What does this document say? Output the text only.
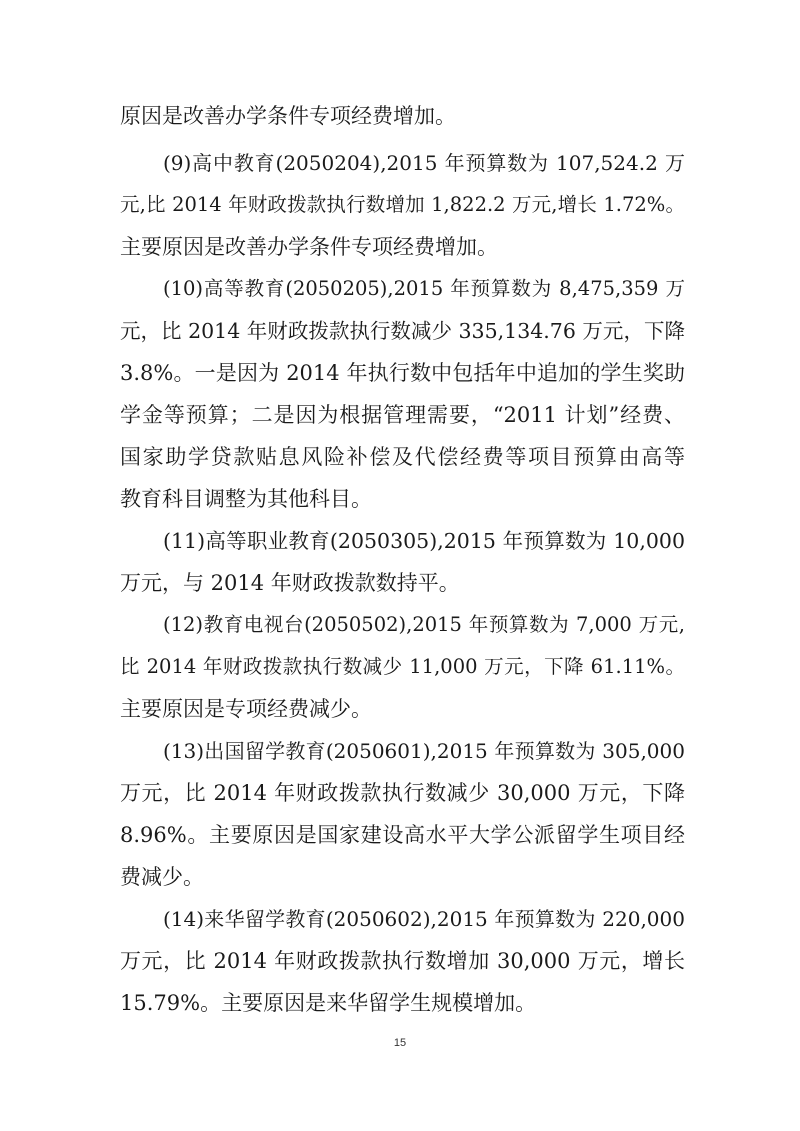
原因是改善办学条件专项经费增加。
(9)高中教育(2050204),2015 年预算数为 107,524.2 万
元,比 2014 年财政拨款执行数增加 1,822.2 万元,增长 1.72%。
主要原因是改善办学条件专项经费增加。
(10)高等教育(2050205),2015 年预算数为 8,475,359 万
元，比 2014 年财政拨款执行数减少 335,134.76 万元，下降
3.8%。一是因为 2014 年执行数中包括年中追加的学生奖助
学金等预算；二是因为根据管理需要，“2011 计划”经费、
国家助学贷款贴息风险补偿及代偿经费等项目预算由高等
教育科目调整为其他科目。
(11)高等职业教育(2050305),2015 年预算数为 10,000
万元，与 2014 年财政拨款数持平。
(12)教育电视台(2050502),2015 年预算数为 7,000 万元,
比 2014 年财政拨款执行数减少 11,000 万元，下降 61.11%。
主要原因是专项经费减少。
(13)出国留学教育(2050601),2015 年预算数为 305,000
万元，比 2014 年财政拨款执行数减少 30,000 万元，下降
8.96%。主要原因是国家建设高水平大学公派留学生项目经
费减少。
(14)来华留学教育(2050602),2015 年预算数为 220,000
万元，比 2014 年财政拨款执行数增加 30,000 万元，增长
15.79%。主要原因是来华留学生规模增加。
15
